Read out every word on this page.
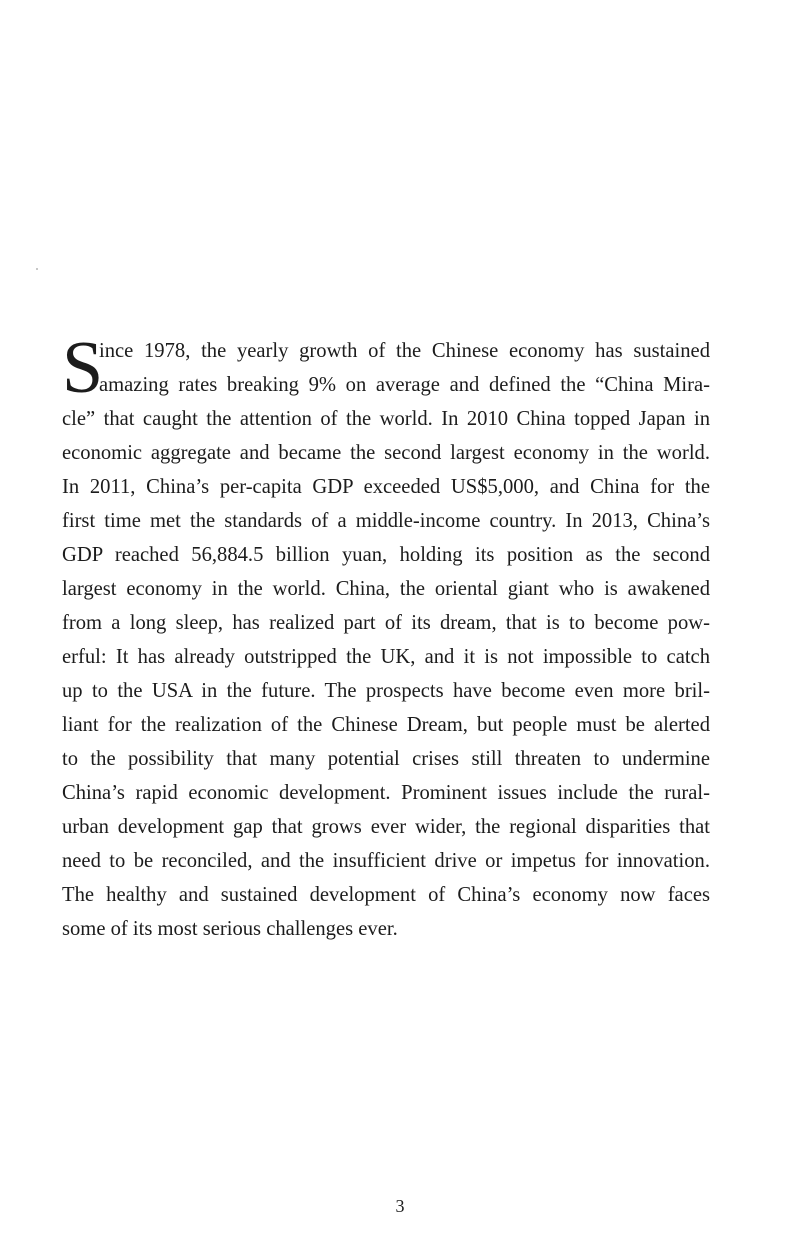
S
ince 1978, the yearly growth of the Chinese economy has sustained
amazing rates breaking 9% on average and defined the “China Mira-
cle” that caught the attention of the world. In 2010 China topped Japan in
economic aggregate and became the second largest economy in the world.
In 2011, China’s per-capita GDP exceeded US$5,000, and China for the
first time met the standards of a middle-income country. In 2013, China’s
GDP reached 56,884.5 billion yuan, holding its position as the second
largest economy in the world. China, the oriental giant who is awakened
from a long sleep, has realized part of its dream, that is to become pow-
erful: It has already outstripped the UK, and it is not impossible to catch
up to the USA in the future. The prospects have become even more bril-
liant for the realization of the Chinese Dream, but people must be alerted
to the possibility that many potential crises still threaten to undermine
China’s rapid economic development. Prominent issues include the rural-
urban development gap that grows ever wider, the regional disparities that
need to be reconciled, and the insufficient drive or impetus for innovation.
The healthy and sustained development of China’s economy now faces
some of its most serious challenges ever.
3
